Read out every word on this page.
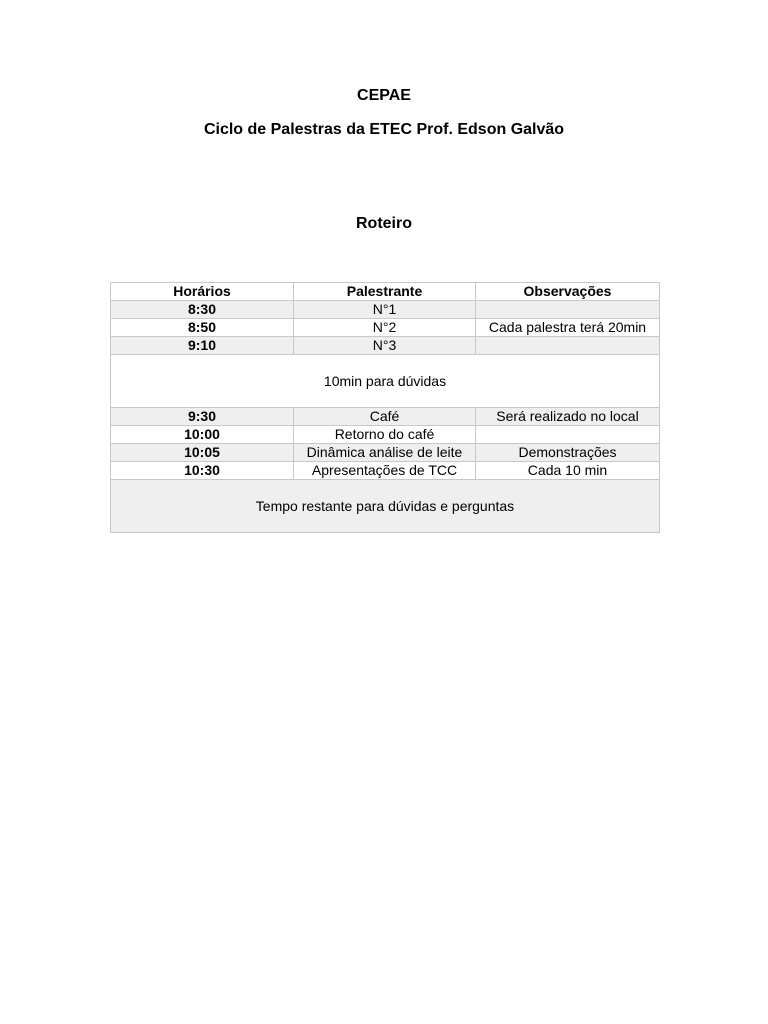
CEPAE
Ciclo de Palestras da ETEC Prof. Edson Galvão
Roteiro
Horários	Palestrante	Observações
8:30	N°1	
8:50	N°2	Cada palestra terá 20min
9:10	N°3	
10min para dúvidas		
9:30	Café	Será realizado no local
10:00	Retorno do café	
10:05	Dinâmica análise de leite	Demonstrações
10:30	Apresentações de TCC	Cada 10 min
Tempo restante para dúvidas e perguntas		
